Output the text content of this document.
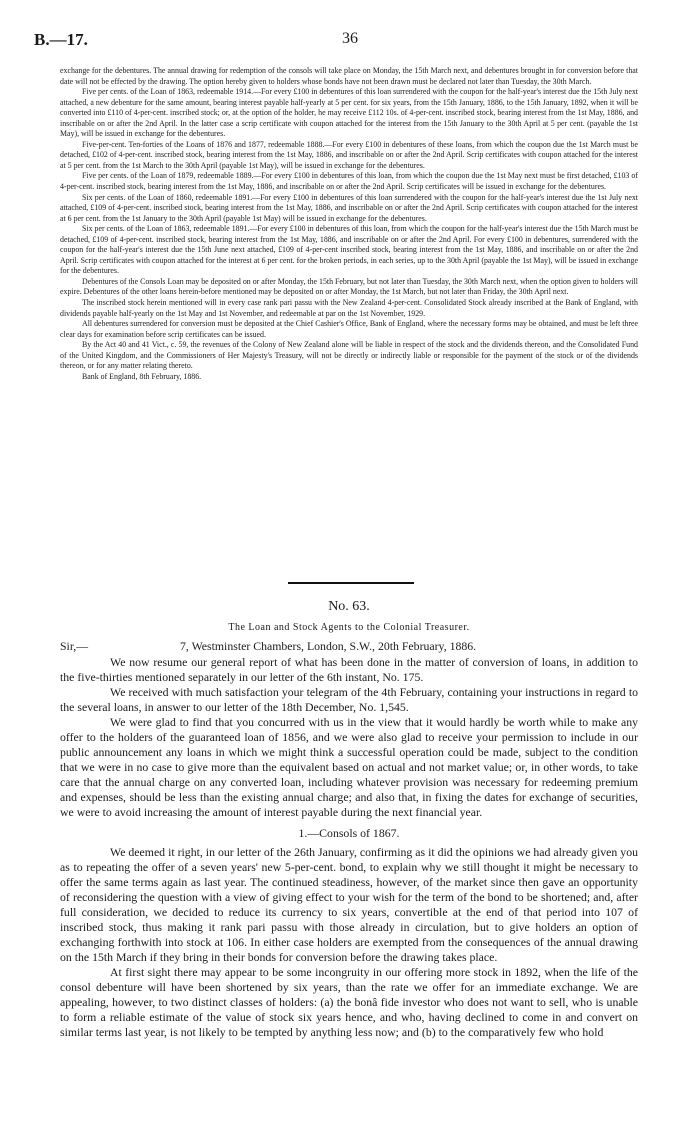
B.—17.	36

exchange for the debentures. The annual drawing for redemption of the consols will take place on Monday, the 15th March next, and debentures brought in for conversion before that date will not be effected by the drawing. The option hereby given to holders whose bonds have not been drawn must be declared not later than Tuesday, the 30th March.

Five per cents. of the Loan of 1863, redeemable 1914.—For every £100 in debentures of this loan surrendered with the coupon for the half-year's interest due the 15th July next attached, a new debenture for the same amount, bearing interest payable half-yearly at 5 per cent. for six years, from the 15th January, 1886, to the 15th January, 1892, when it will be converted into £110 of 4-per-cent. inscribed stock; or, at the option of the holder, he may receive £112 10s. of 4-per-cent. inscribed stock, bearing interest from the 1st May, 1886, and inscribable on or after the 2nd April. In the latter case a scrip certificate with coupon attached for the interest from the 15th January to the 30th April at 5 per cent. (payable the 1st May), will be issued in exchange for the debentures.

Five-per-cent. Ten-forties of the Loans of 1876 and 1877, redeemable 1888.—For every £100 in debentures of these loans, from which the coupon due the 1st March must be detached, £102 of 4-per-cent. inscribed stock, bearing interest from the 1st May, 1886, and inscribable on or after the 2nd April. Scrip certificates with coupon attached for the interest at 5 per cent. from the 1st March to the 30th April (payable 1st May), will be issued in exchange for the debentures.

Five per cents. of the Loan of 1879, redeemable 1889.—For every £100 in debentures of this loan, from which the coupon due the 1st May next must be first detached, £103 of 4-per-cent. inscribed stock, bearing interest from the 1st May, 1886, and inscribable on or after the 2nd April. Scrip certificates will be issued in exchange for the debentures.

Six per cents. of the Loan of 1860, redeemable 1891.—For every £100 in debentures of this loan surrendered with the coupon for the half-year's interest due the 1st July next attached, £109 of 4-per-cent. inscribed stock, bearing interest from the 1st May, 1886, and inscribable on or after the 2nd April. Scrip certificates with coupon attached for the interest at 6 per cent. from the 1st January to the 30th April (payable 1st May) will be issued in exchange for the debentures.

Six per cents. of the Loan of 1863, redeemable 1891.—For every £100 in debentures of this loan, from which the coupon for the half-year's interest due the 15th March must be detached, £109 of 4-per-cent. inscribed stock, bearing interest from the 1st May, 1886, and inscribable on or after the 2nd April. For every £100 in debentures, surrendered with the coupon for the half-year's interest due the 15th June next attached, £109 of 4-per-cent inscribed stock, bearing interest from the 1st May, 1886, and inscribable on or after the 2nd April. Scrip certificates with coupon attached for the interest at 6 per cent. for the broken periods, in each series, up to the 30th April (payable the 1st May), will be issued in exchange for the debentures.

Debentures of the Consols Loan may be deposited on or after Monday, the 15th February, but not later than Tuesday, the 30th March next, when the option given to holders will expire. Debentures of the other loans herein-before mentioned may be deposited on or after Monday, the 1st March, but not later than Friday, the 30th April next.

The inscribed stock herein mentioned will in every case rank pari passu with the New Zealand 4-per-cent. Consolidated Stock already inscribed at the Bank of England, with dividends payable half-yearly on the 1st May and 1st November, and redeemable at par on the 1st November, 1929.

All debentures surrendered for conversion must be deposited at the Chief Cashier's Office, Bank of England, where the necessary forms may be obtained, and must be left three clear days for examination before scrip certificates can be issued.

By the Act 40 and 41 Vict., c. 59, the revenues of the Colony of New Zealand alone will be liable in respect of the stock and the dividends thereon, and the Consolidated Fund of the United Kingdom, and the Commissioners of Her Majesty's Treasury, will not be directly or indirectly liable or responsible for the payment of the stock or of the dividends thereon, or for any matter relating thereto.

Bank of England, 8th February, 1886.

No. 63.
The Loan and Stock Agents to the Colonial Treasurer.
Sir,—	7, Westminster Chambers, London, S.W., 20th February, 1886.

We now resume our general report of what has been done in the matter of conversion of loans, in addition to the five-thirties mentioned separately in our letter of the 6th instant, No. 175.

We received with much satisfaction your telegram of the 4th February, containing your instructions in regard to the several loans, in answer to our letter of the 18th December, No. 1,545.

We were glad to find that you concurred with us in the view that it would hardly be worth while to make any offer to the holders of the guaranteed loan of 1856, and we were also glad to receive your permission to include in our public announcement any loans in which we might think a successful operation could be made, subject to the condition that we were in no case to give more than the equivalent based on actual and not market value; or, in other words, to take care that the annual charge on any converted loan, including whatever provision was necessary for redeeming premium and expenses, should be less than the existing annual charge; and also that, in fixing the dates for exchange of securities, we were to avoid increasing the amount of interest payable during the next financial year.

1.—Consols of 1867.

We deemed it right, in our letter of the 26th January, confirming as it did the opinions we had already given you as to repeating the offer of a seven years' new 5-per-cent. bond, to explain why we still thought it might be necessary to offer the same terms again as last year. The continued steadiness, however, of the market since then gave an opportunity of reconsidering the question with a view of giving effect to your wish for the term of the bond to be shortened; and, after full consideration, we decided to reduce its currency to six years, convertible at the end of that period into 107 of inscribed stock, thus making it rank pari passu with those already in circulation, but to give holders an option of exchanging forthwith into stock at 106. In either case holders are exempted from the consequences of the annual drawing on the 15th March if they bring in their bonds for conversion before the drawing takes place.

At first sight there may appear to be some incongruity in our offering more stock in 1892, when the life of the consol debenture will have been shortened by six years, than the rate we offer for an immediate exchange. We are appealing, however, to two distinct classes of holders: (a) the bonâ fide investor who does not want to sell, who is unable to form a reliable estimate of the value of stock six years hence, and who, having declined to come in and convert on similar terms last year, is not likely to be tempted by anything less now; and (b) to the comparatively few who hold
